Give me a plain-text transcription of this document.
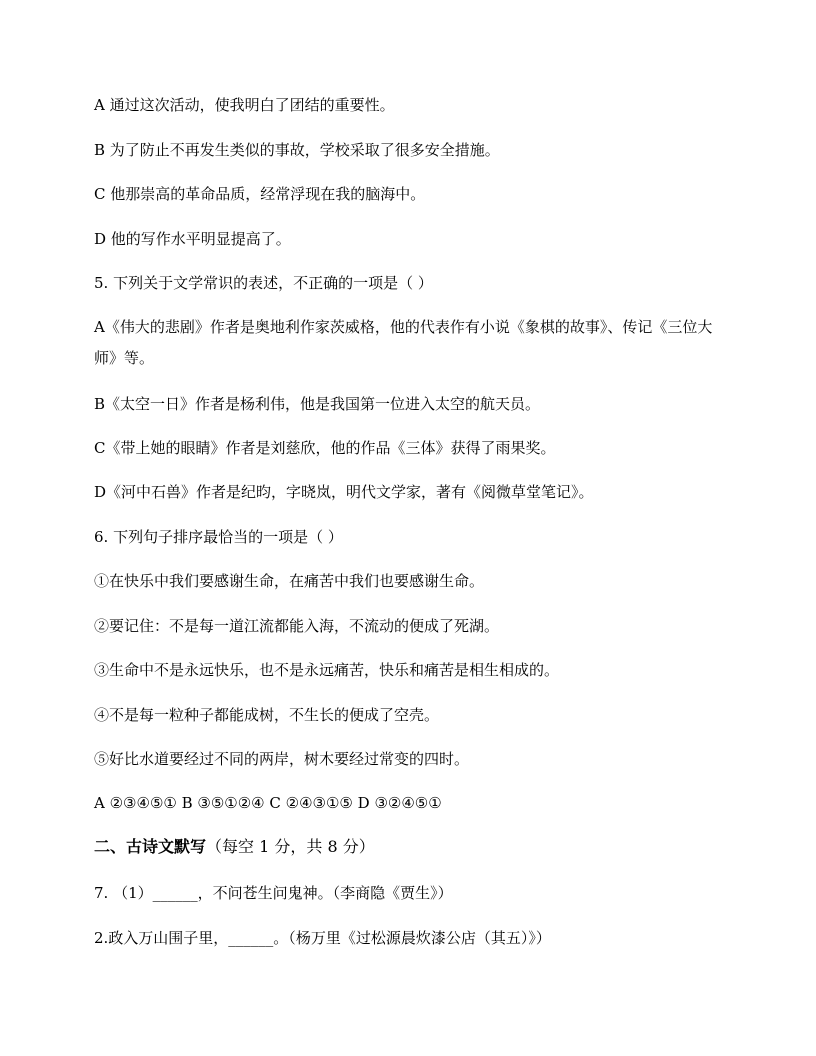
A 通过这次活动，使我明白了团结的重要性。
B 为了防止不再发生类似的事故，学校采取了很多安全措施。
C 他那崇高的革命品质，经常浮现在我的脑海中。
D 他的写作水平明显提高了。
5. 下列关于文学常识的表述，不正确的一项是（ ）
A《伟大的悲剧》作者是奥地利作家茨威格，他的代表作有小说《象棋的故事》、传记《三位大师》等。
B《太空一日》作者是杨利伟，他是我国第一位进入太空的航天员。
C《带上她的眼睛》作者是刘慈欣，他的作品《三体》获得了雨果奖。
D《河中石兽》作者是纪昀，字晓岚，明代文学家，著有《阅微草堂笔记》。
6. 下列句子排序最恰当的一项是（ ）
①在快乐中我们要感谢生命，在痛苦中我们也要感谢生命。
②要记住：不是每一道江流都能入海，不流动的便成了死湖。
③生命中不是永远快乐，也不是永远痛苦，快乐和痛苦是相生相成的。
④不是每一粒种子都能成树，不生长的便成了空壳。
⑤好比水道要经过不同的两岸，树木要经过常变的四时。
A ②③④⑤① B ③⑤①②④ C ②④③①⑤ D ③②④⑤①
二、古诗文默写（每空 1 分，共 8 分）
7. （1）______，不问苍生问鬼神。（李商隐《贾生》）
2.政入万山围子里，______。（杨万里《过松源晨炊漆公店（其五）》）
